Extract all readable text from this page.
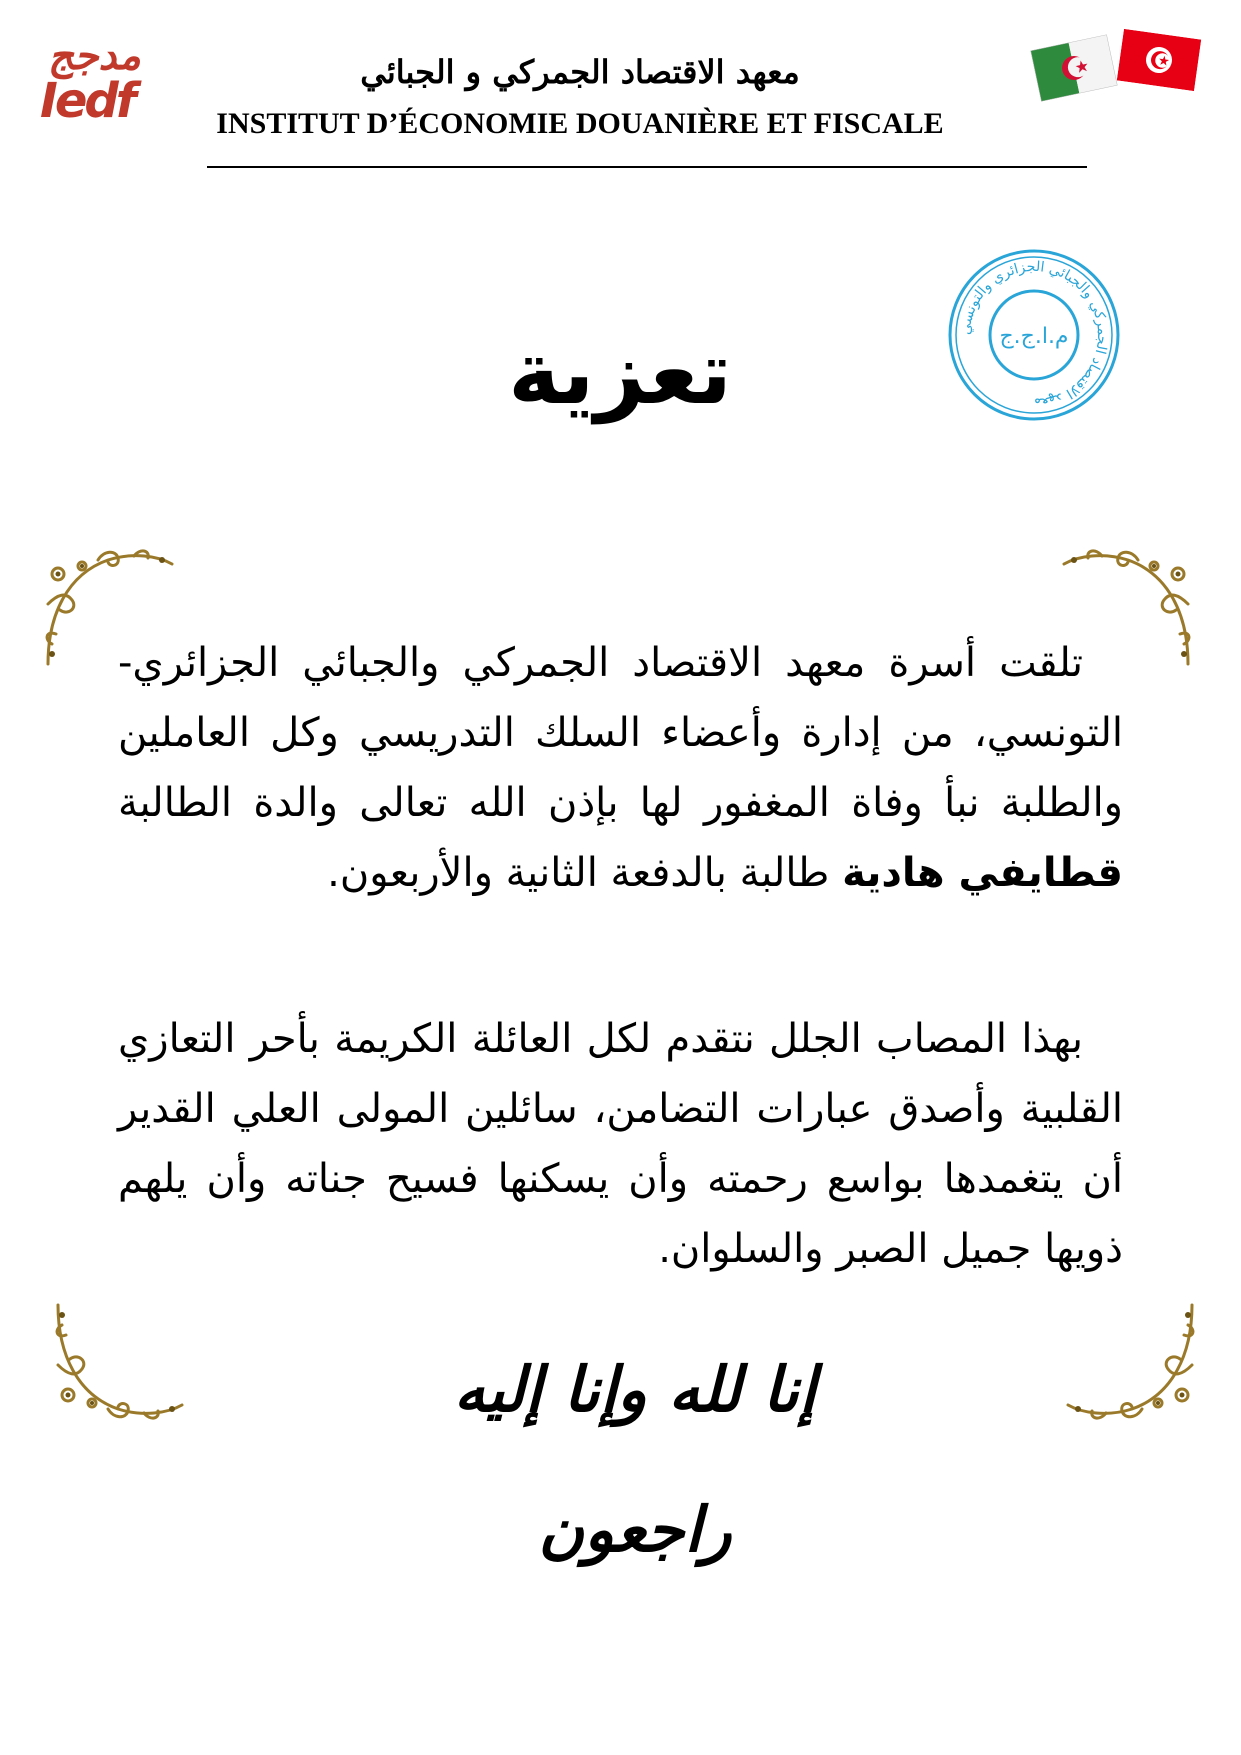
مدجج
Iedf
معهد الاقتصاد الجمركي و الجبائي
INSTITUT D’ÉCONOMIE DOUANIÈRE ET FISCALE
معهد الاقتصاد الجمركي والجبائي الجزائري والتونسي
م.ا.ج.ج
تعزية
تلقت أسرة معهد الاقتصاد الجمركي والجبائي الجزائري-التونسي، من إدارة وأعضاء السلك التدريسي وكل العاملين والطلبة نبأ وفاة المغفور لها بإذن الله تعالى والدة الطالبة قطايفي هادية طالبة بالدفعة الثانية والأربعون.
بهذا المصاب الجلل نتقدم لكل العائلة الكريمة بأحر التعازي القلبية وأصدق عبارات التضامن، سائلين المولى العلي القدير أن يتغمدها بواسع رحمته وأن يسكنها فسيح جناته وأن يلهم ذويها جميل الصبر والسلوان.
إنا لله وإنا إليه راجعون
